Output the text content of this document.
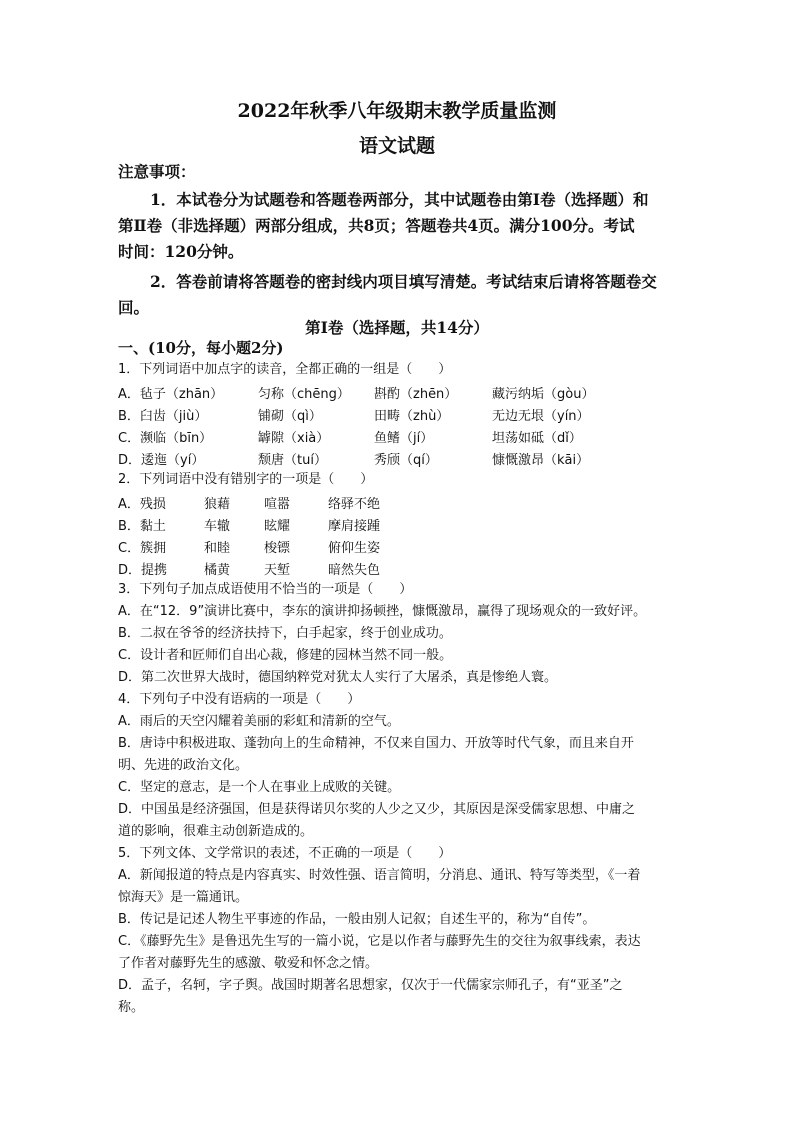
2022年秋季八年级期末教学质量监测
语文试题
注意事项：
1．本试卷分为试题卷和答题卷两部分，其中试题卷由第Ⅰ卷（选择题）和
第Ⅱ卷（非选择题）两部分组成，共8页；答题卷共4页。满分100分。考试
时间：120分钟。
2．答卷前请将答题卷的密封线内项目填写清楚。考试结束后请将答题卷交
回。
第Ⅰ卷（选择题，共14分）
一、(10分，每小题2分)
1．下列词语中加点字的读音，全都正确的一组是（　　）
A．毡子（zhān）	匀称（chēng） 斟酌（zhēn）	藏污纳垢（gòu）
B．臼齿（jiù）	铺砌（qì）	田畴（zhù）	无边无垠（yín）
C．濒临（bīn）	罅隙（xià）	鱼鳍（jí）	坦荡如砥（dǐ）
D．逶迤（yí）	颓唐（tuí）	秀颀（qí）	慷慨激昂（kāi）
2．下列词语中没有错别字的一项是（　　）
A．残损	狼藉	喧嚣	络驿不绝
B．黏土	车辙	眩耀	摩肩接踵
C．簇拥	和睦	梭镖	俯仰生姿
D．提携	橘黄	天堑	暗然失色
3．下列句子加点成语使用不恰当的一项是（　　）
A．在“12．9”演讲比赛中，李东的演讲抑扬顿挫，慷慨激昂，赢得了现场观众的一致好评。
B．二叔在爷爷的经济扶持下，白手起家，终于创业成功。
C．设计者和匠师们自出心裁，修建的园林当然不同一般。
D．第二次世界大战时，德国纳粹党对犹太人实行了大屠杀，真是惨绝人寰。
4．下列句子中没有语病的一项是（　　）
A．雨后的天空闪耀着美丽的彩虹和清新的空气。
B．唐诗中积极进取、蓬勃向上的生命精神，不仅来自国力、开放等时代气象，而且来自开
明、先进的政治文化。
C．坚定的意志，是一个人在事业上成败的关键。
D．中国虽是经济强国，但是获得诺贝尔奖的人少之又少，其原因是深受儒家思想、中庸之
道的影响，很难主动创新造成的。
5．下列文体、文学常识的表述，不正确的一项是（　　）
A．新闻报道的特点是内容真实、时效性强、语言简明，分消息、通讯、特写等类型，《一着
惊海天》是一篇通讯。
B．传记是记述人物生平事迹的作品，一般由别人记叙；自述生平的，称为“自传”。
C．《藤野先生》是鲁迅先生写的一篇小说，它是以作者与藤野先生的交往为叙事线索，表达
了作者对藤野先生的感激、敬爱和怀念之情。
D．孟子，名轲，字子舆。战国时期著名思想家，仅次于一代儒家宗师孔子，有“亚圣”之
称。
